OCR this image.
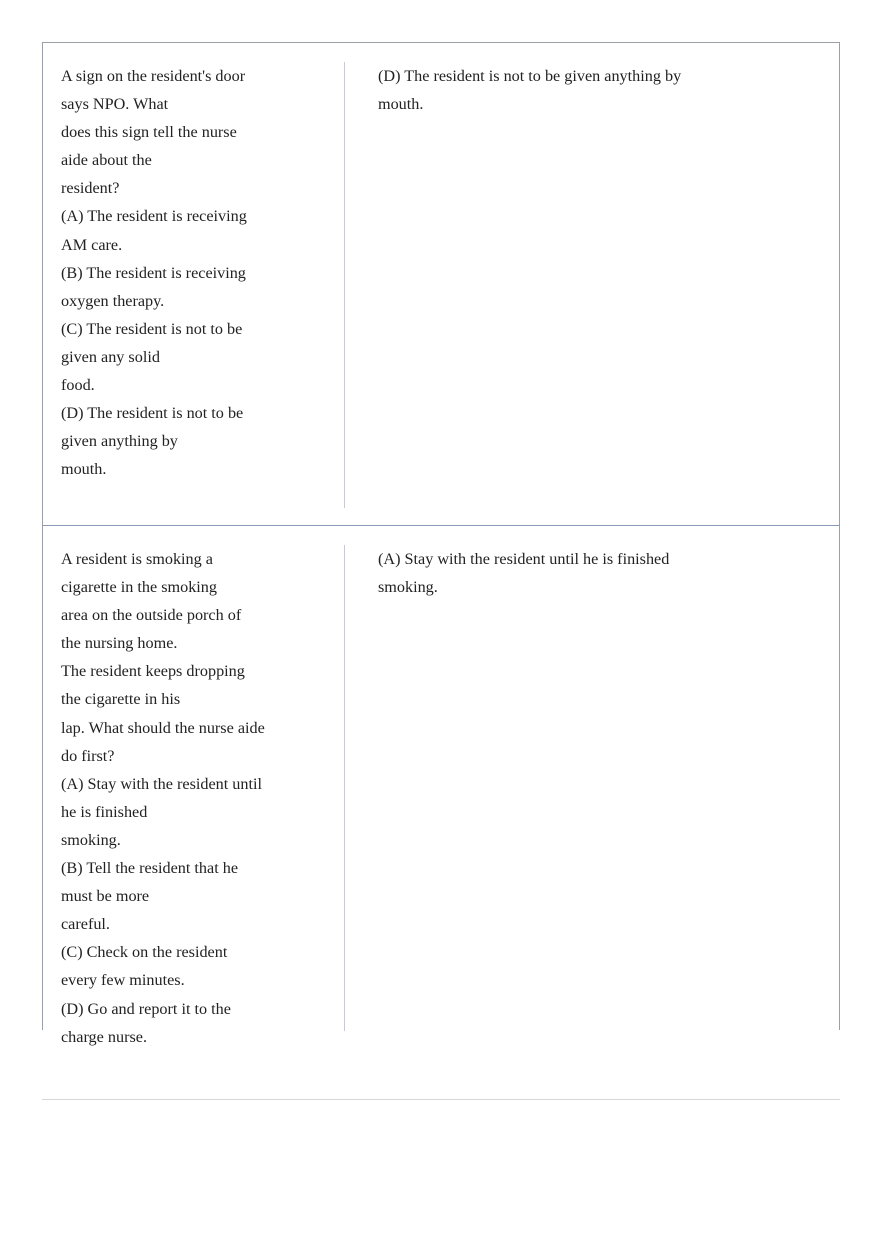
A sign on the resident's door
says NPO. What
does this sign tell the nurse
aide about the
resident?
(A) The resident is receiving
AM care.
(B) The resident is receiving
oxygen therapy.
(C) The resident is not to be
given any solid
food.
(D) The resident is not to be
given anything by
mouth.
(D) The resident is not to be given anything by
mouth.
A resident is smoking a
cigarette in the smoking
area on the outside porch of
the nursing home.
The resident keeps dropping
the cigarette in his
lap. What should the nurse aide
do first?
(A) Stay with the resident until
he is finished
smoking.
(B) Tell the resident that he
must be more
careful.
(C) Check on the resident
every few minutes.
(D) Go and report it to the
charge nurse.
(A) Stay with the resident until he is finished
smoking.
